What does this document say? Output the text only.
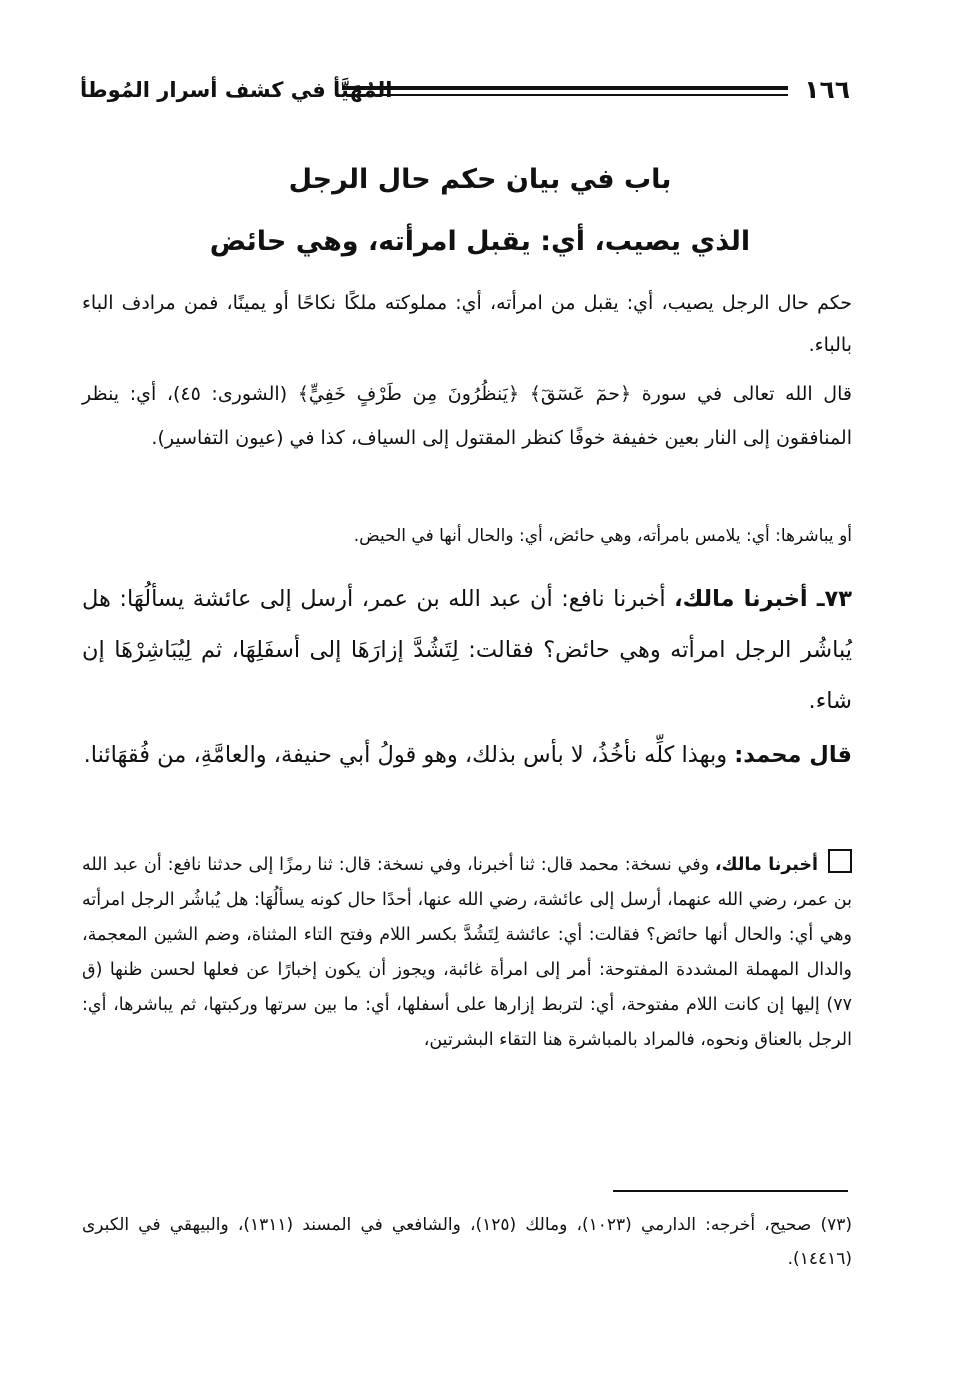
١٦٦
المُهَيَّأ في كشف أسرار المُوطأ
باب في بيان حكم حال الرجل
الذي يصيب، أي: يقبل امرأته، وهي حائض
حكم حال الرجل يصيب، أي: يقبل من امرأته، أي: مملوكته ملكًا نكاحًا أو يمينًا، فمن مرادف الباء بالباء.
قال الله تعالى في سورة ﴿حمٓ عٓسٓقٓ﴾ ﴿يَنظُرُونَ مِن طَرْفٍ خَفِيٍّ﴾ (الشورى: ٤٥)، أي: ينظر المنافقون إلى النار بعين خفيفة خوفًا كنظر المقتول إلى السياف، كذا في (عيون التفاسير).
أو يباشرها: أي: يلامس بامرأته، وهي حائض، أي: والحال أنها في الحيض.
٧٣ـ أخبرنا مالك، أخبرنا نافع: أن عبد الله بن عمر، أرسل إلى عائشة يسألُهَا: هل يُباشُر الرجل امرأته وهي حائض؟ فقالت: لِتَشُدَّ إزارَهَا إلى أسفَلِهَا، ثم لِيُبَاشِرْهَا إن شاء.
قال محمد: وبهذا كلِّه نأخُذُ، لا بأس بذلك، وهو قولُ أبي حنيفة، والعامَّةِ، من فُقهَائنا.
أخبرنا مالك، وفي نسخة: محمد قال: ثنا أخبرنا، وفي نسخة: قال: ثنا رمزًا إلى حدثنا نافع: أن عبد الله بن عمر، رضي الله عنهما، أرسل إلى عائشة، رضي الله عنها، أحدًا حال كونه يسألُهَا: هل يُباشُر الرجل امرأته وهي أي: والحال أنها حائض؟ فقالت: أي: عائشة لِتَشُدَّ بكسر اللام وفتح التاء المثناة، وضم الشين المعجمة، والدال المهملة المشددة المفتوحة: أمر إلى امرأة غائبة، ويجوز أن يكون إخبارًا عن فعلها لحسن ظنها (ق ٧٧) إليها إن كانت اللام مفتوحة، أي: لتربط إزارها على أسفلها، أي: ما بين سرتها وركبتها، ثم يباشرها، أي: الرجل بالعناق ونحوه، فالمراد بالمباشرة هنا التقاء البشرتين،
(٧٣) صحيح، أخرجه: الدارمي (١٠٢٣)، ومالك (١٢٥)، والشافعي في المسند (١٣١١)، والبيهقي في الكبرى (١٤٤١٦).
